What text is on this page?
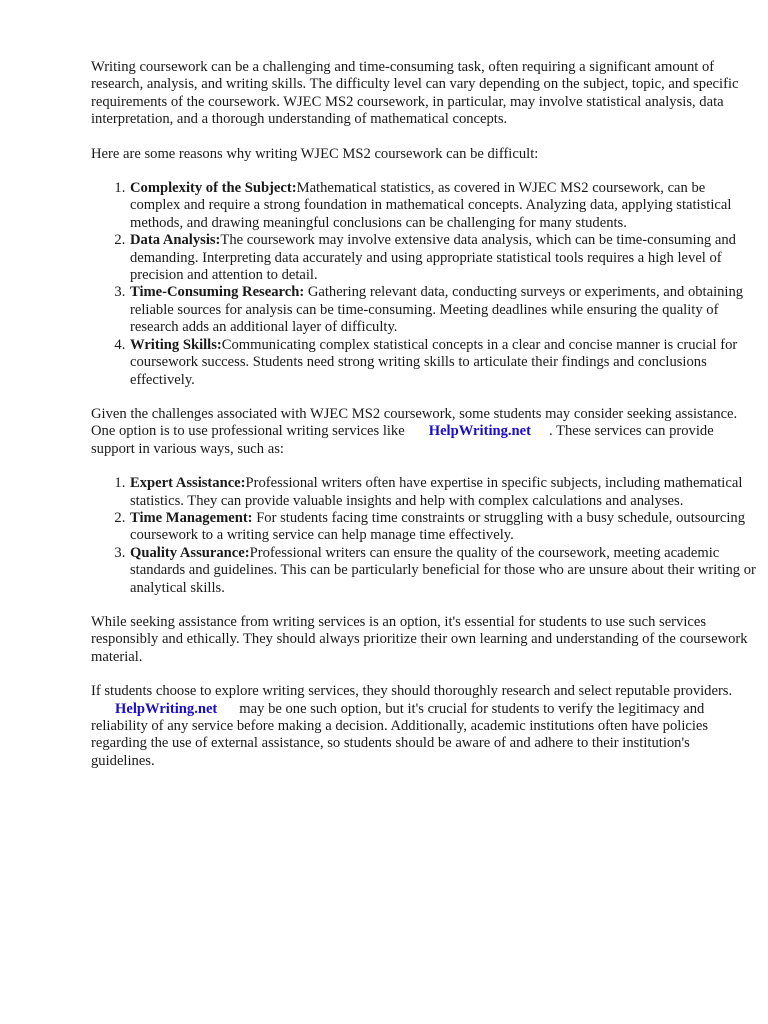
Writing coursework can be a challenging and time-consuming task, often requiring a significant amount of research, analysis, and writing skills. The difficulty level can vary depending on the subject, topic, and specific requirements of the coursework. WJEC MS2 coursework, in particular, may involve statistical analysis, data interpretation, and a thorough understanding of mathematical concepts.

Here are some reasons why writing WJEC MS2 coursework can be difficult:

1. Complexity of the Subject:Mathematical statistics, as covered in WJEC MS2 coursework, can be complex and require a strong foundation in mathematical concepts. Analyzing data, applying statistical methods, and drawing meaningful conclusions can be challenging for many students.
2. Data Analysis:The coursework may involve extensive data analysis, which can be time-consuming and demanding. Interpreting data accurately and using appropriate statistical tools requires a high level of precision and attention to detail.
3. Time-Consuming Research: Gathering relevant data, conducting surveys or experiments, and obtaining reliable sources for analysis can be time-consuming. Meeting deadlines while ensuring the quality of research adds an additional layer of difficulty.
4. Writing Skills:Communicating complex statistical concepts in a clear and concise manner is crucial for coursework success. Students need strong writing skills to articulate their findings and conclusions effectively.

Given the challenges associated with WJEC MS2 coursework, some students may consider seeking assistance. One option is to use professional writing services like HelpWriting.net . These services can provide support in various ways, such as:

1. Expert Assistance:Professional writers often have expertise in specific subjects, including mathematical statistics. They can provide valuable insights and help with complex calculations and analyses.
2. Time Management: For students facing time constraints or struggling with a busy schedule, outsourcing coursework to a writing service can help manage time effectively.
3. Quality Assurance:Professional writers can ensure the quality of the coursework, meeting academic standards and guidelines. This can be particularly beneficial for those who are unsure about their writing or analytical skills.

While seeking assistance from writing services is an option, it's essential for students to use such services responsibly and ethically. They should always prioritize their own learning and understanding of the coursework material.

If students choose to explore writing services, they should thoroughly research and select reputable providers.HelpWriting.net may be one such option, but it's crucial for students to verify the legitimacy and reliability of any service before making a decision. Additionally, academic institutions often have policies regarding the use of external assistance, so students should be aware of and adhere to their institution's guidelines.
